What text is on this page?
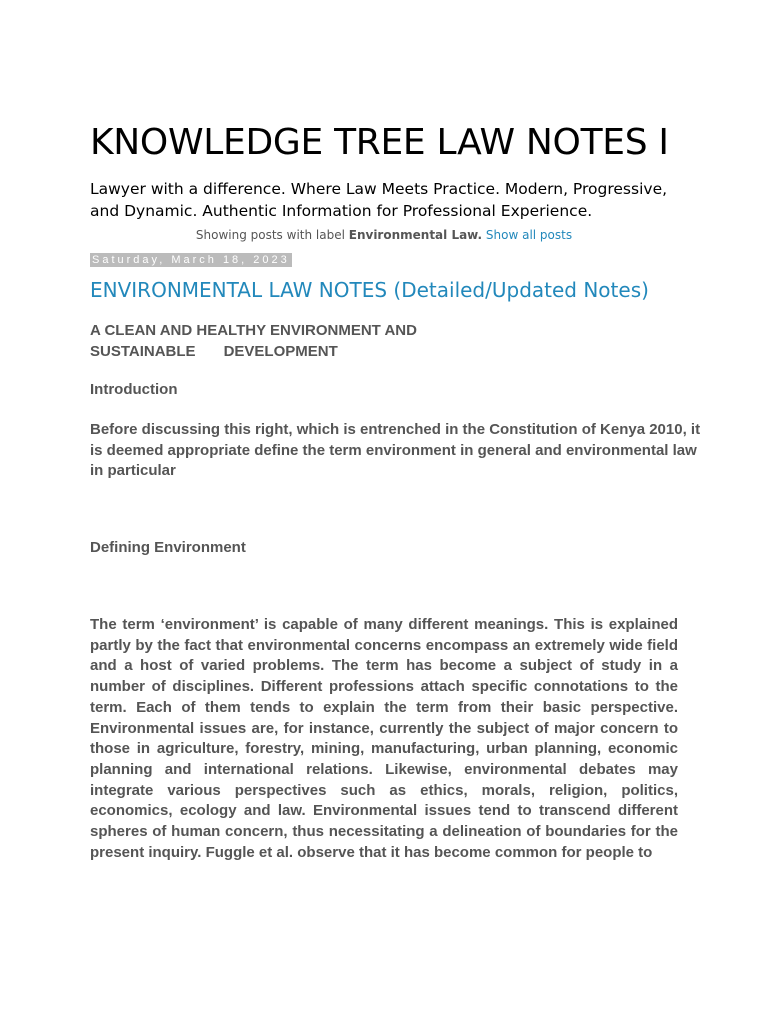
KNOWLEDGE TREE LAW NOTES I

Lawyer with a difference. Where Law Meets Practice. Modern, Progressive, and Dynamic. Authentic Information for Professional Experience.

Showing posts with label Environmental Law. Show all posts
Saturday, March 18, 2023
ENVIRONMENTAL LAW NOTES (Detailed/Updated Notes)

A CLEAN AND HEALTHY ENVIRONMENT AND
SUSTAINABLE DEVELOPMENT

Introduction

Before discussing this right, which is entrenched in the Constitution of Kenya 2010, it is deemed appropriate define the term environment in general and environmental law in particular

Defining Environment

The term ‘environment’ is capable of many different meanings. This is explained partly by the fact that environmental concerns encompass an extremely wide field and a host of varied problems. The term has become a subject of study in a number of disciplines. Different professions attach specific connotations to the term. Each of them tends to explain the term from their basic perspective. Environmental issues are, for instance, currently the subject of major concern to those in agriculture, forestry, mining, manufacturing, urban planning, economic planning and international relations. Likewise, environmental debates may integrate various perspectives such as ethics, morals, religion, politics, economics, ecology and law. Environmental issues tend to transcend different spheres of human concern, thus necessitating a delineation of boundaries for the present inquiry. Fuggle et al. observe that it has become common for people to
